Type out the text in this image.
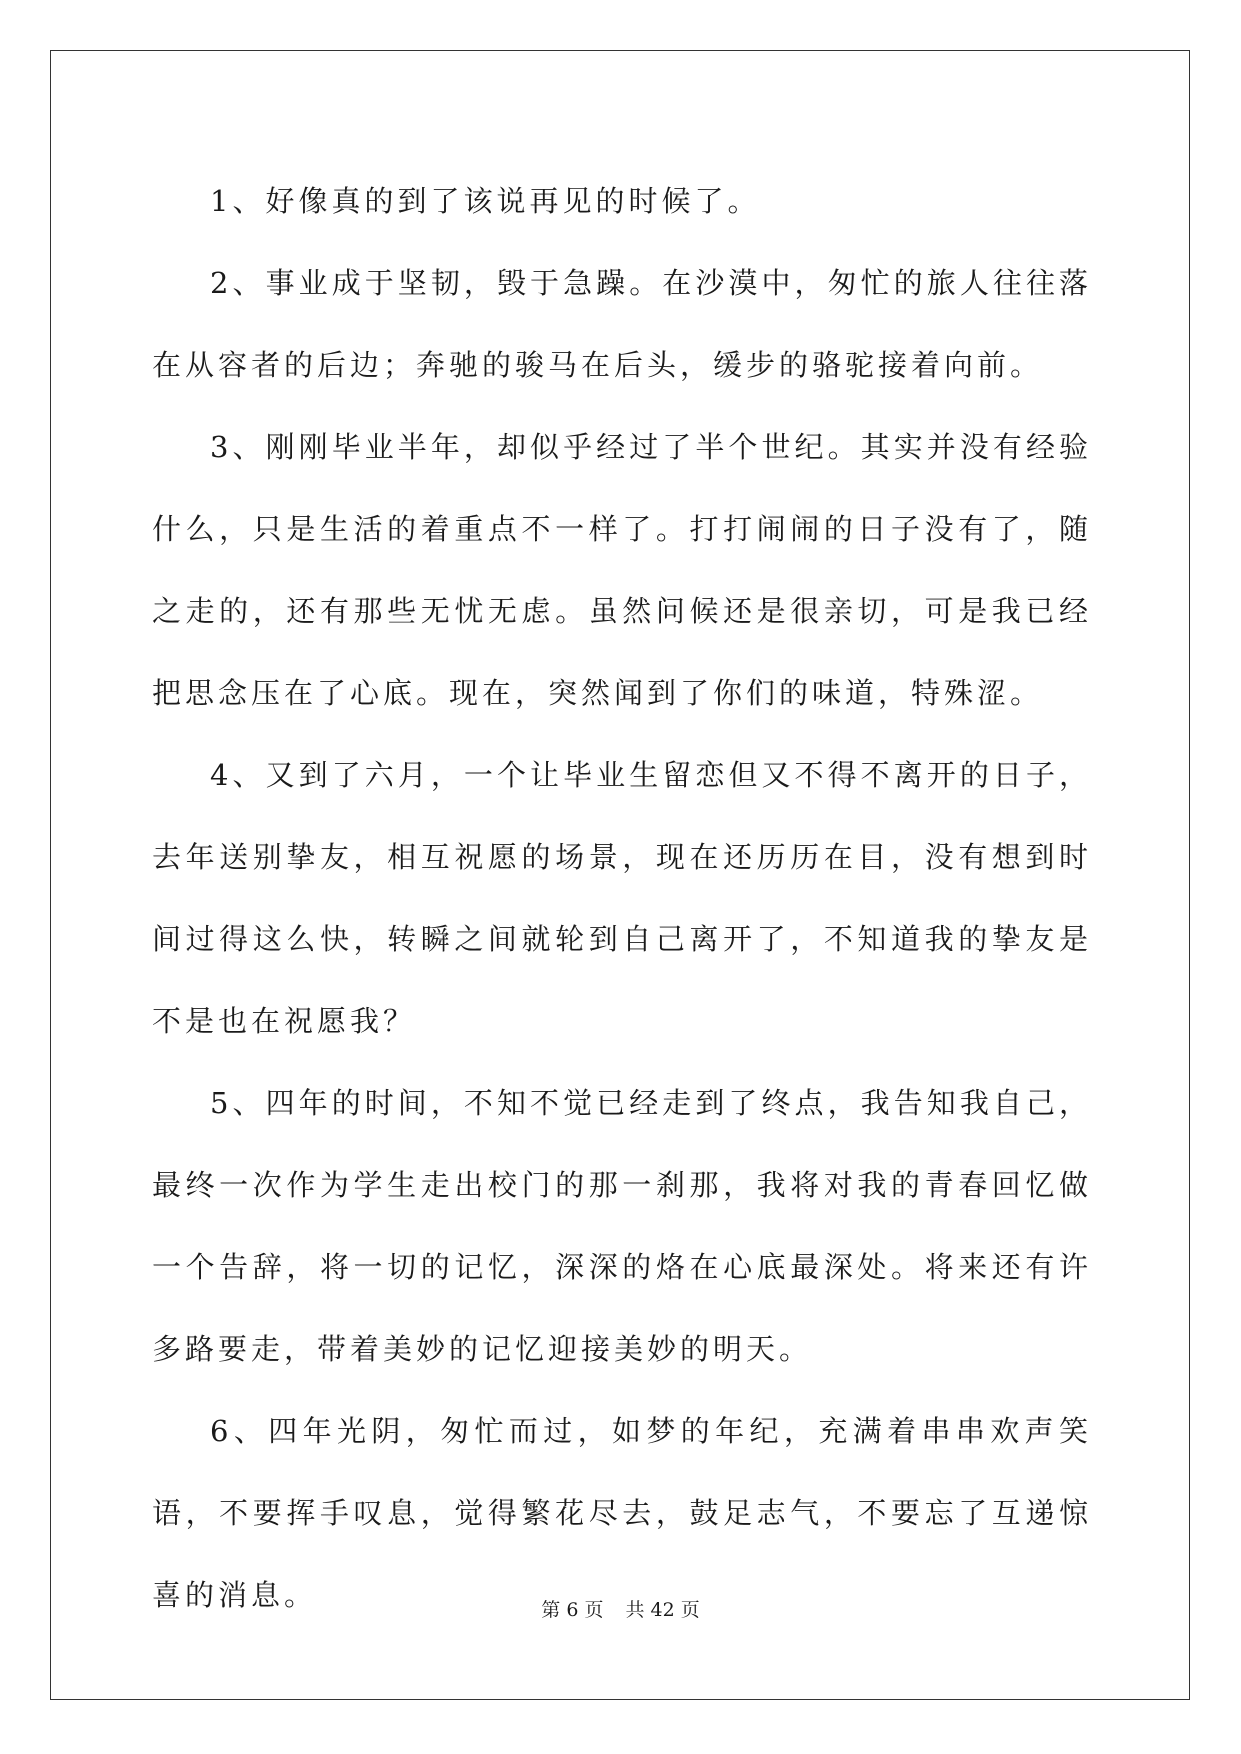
1、好像真的到了该说再见的时候了。

2、事业成于坚韧，毁于急躁。在沙漠中，匆忙的旅人往往落在从容者的后边；奔驰的骏马在后头，缓步的骆驼接着向前。

3、刚刚毕业半年，却似乎经过了半个世纪。其实并没有经验什么，只是生活的着重点不一样了。打打闹闹的日子没有了，随之走的，还有那些无忧无虑。虽然问候还是很亲切，可是我已经把思念压在了心底。现在，突然闻到了你们的味道，特殊涩。

4、又到了六月，一个让毕业生留恋但又不得不离开的日子，去年送别挚友，相互祝愿的场景，现在还历历在目，没有想到时间过得这么快，转瞬之间就轮到自己离开了，不知道我的挚友是不是也在祝愿我？

5、四年的时间，不知不觉已经走到了终点，我告知我自己，最终一次作为学生走出校门的那一刹那，我将对我的青春回忆做一个告辞，将一切的记忆，深深的烙在心底最深处。将来还有许多路要走，带着美妙的记忆迎接美妙的明天。

6、四年光阴，匆忙而过，如梦的年纪，充满着串串欢声笑语，不要挥手叹息，觉得繁花尽去，鼓足志气，不要忘了互递惊喜的消息。	第 6 页 共 42 页
